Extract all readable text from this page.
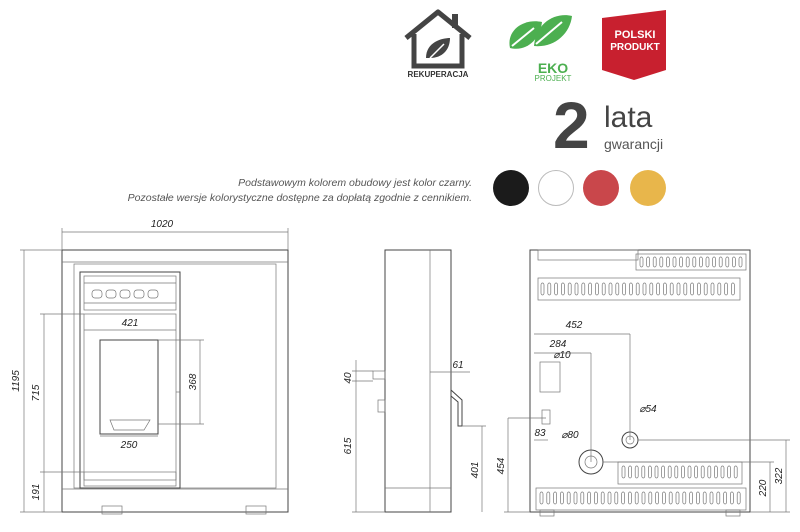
REKUPERACJA	EKO
PROJEKT
POLSKI
PRODUKT
2 lata
gwarancji
Podstawowym kolorem obudowy jest kolor czarny.
Pozostałe wersje kolorystyczne dostępne za dopłatą zgodnie z cennikiem.
1020
1195
715
191
421
368
250
40
61
615
401
452
284
⌀10
⌀54
83 ⌀80
454
220
322
